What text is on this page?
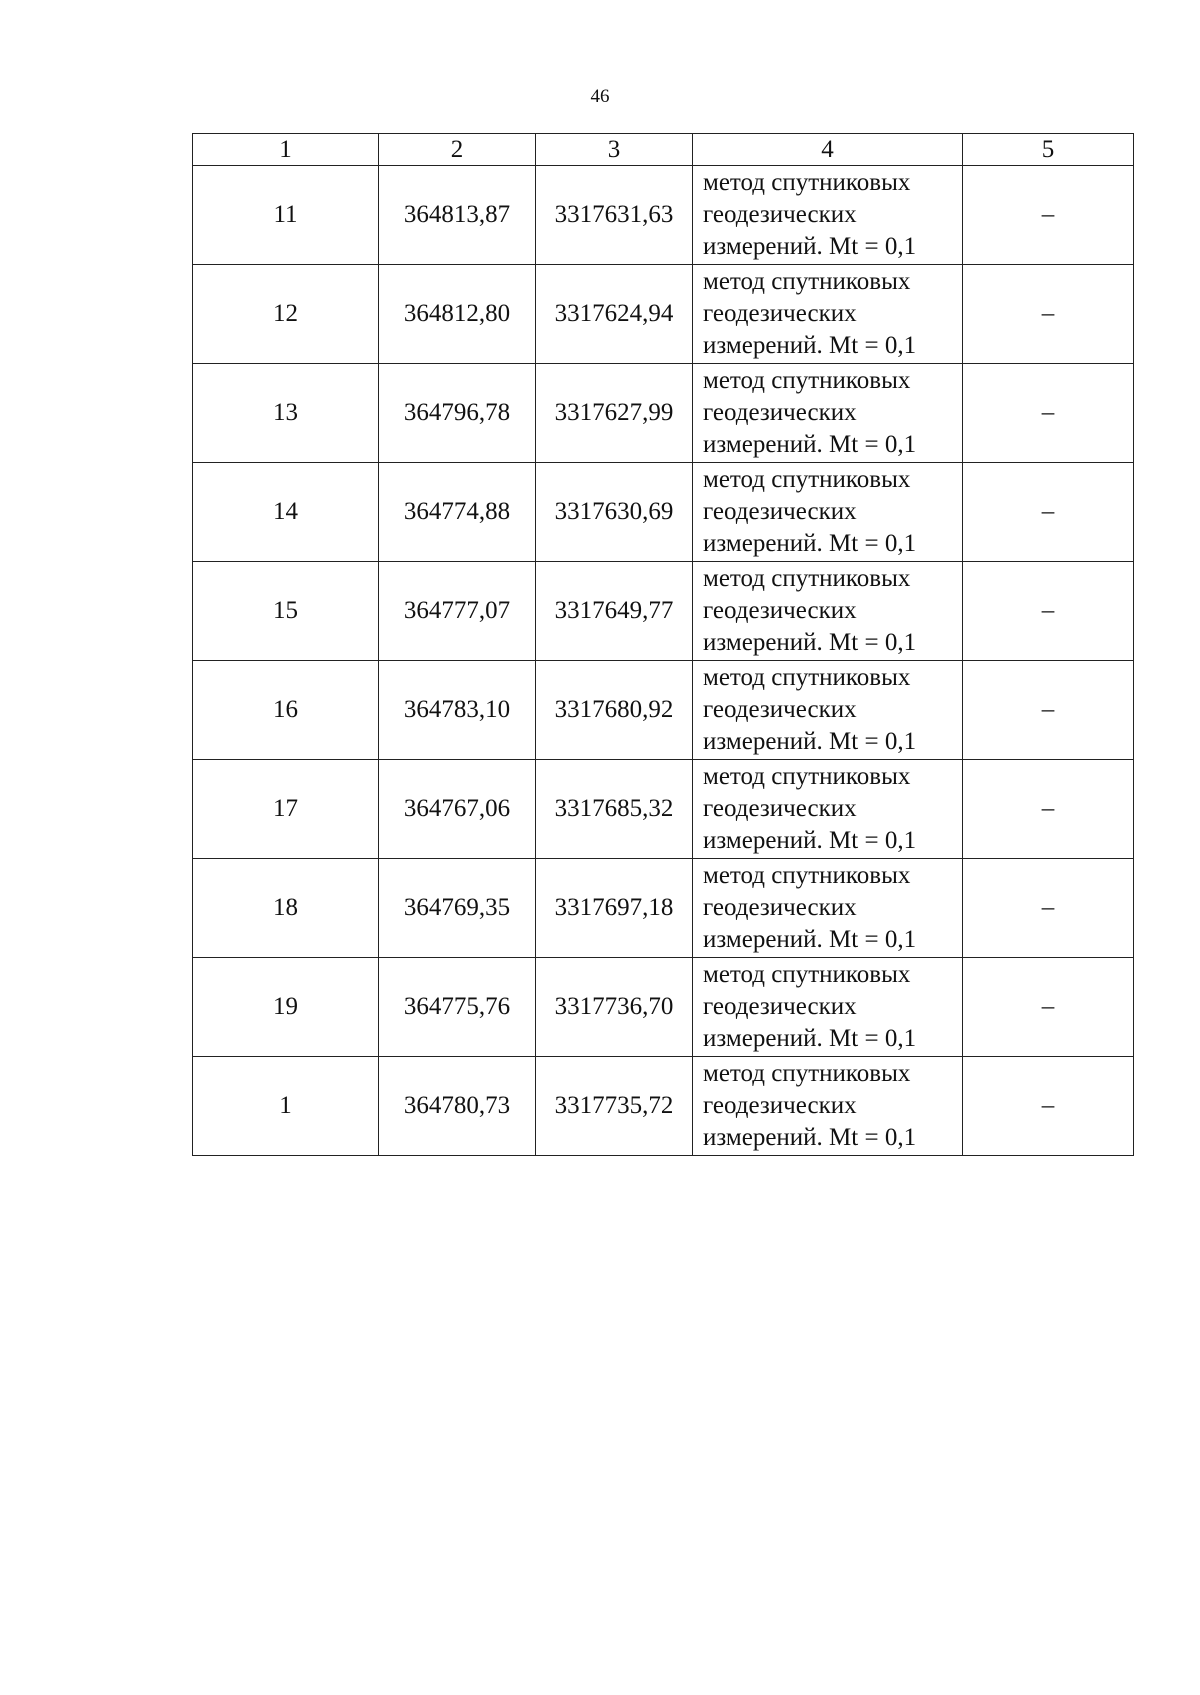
46
1	2	3	4	5
11	364813,87	3317631,63	метод спутниковых
геодезических
измерений. Mt = 0,1	–
12	364812,80	3317624,94	метод спутниковых
геодезических
измерений. Mt = 0,1	–
13	364796,78	3317627,99	метод спутниковых
геодезических
измерений. Mt = 0,1	–
14	364774,88	3317630,69	метод спутниковых
геодезических
измерений. Mt = 0,1	–
15	364777,07	3317649,77	метод спутниковых
геодезических
измерений. Mt = 0,1	–
16	364783,10	3317680,92	метод спутниковых
геодезических
измерений. Mt = 0,1	–
17	364767,06	3317685,32	метод спутниковых
геодезических
измерений. Mt = 0,1	–
18	364769,35	3317697,18	метод спутниковых
геодезических
измерений. Mt = 0,1	–
19	364775,76	3317736,70	метод спутниковых
геодезических
измерений. Mt = 0,1	–
1	364780,73	3317735,72	метод спутниковых
геодезических
измерений. Mt = 0,1	–
